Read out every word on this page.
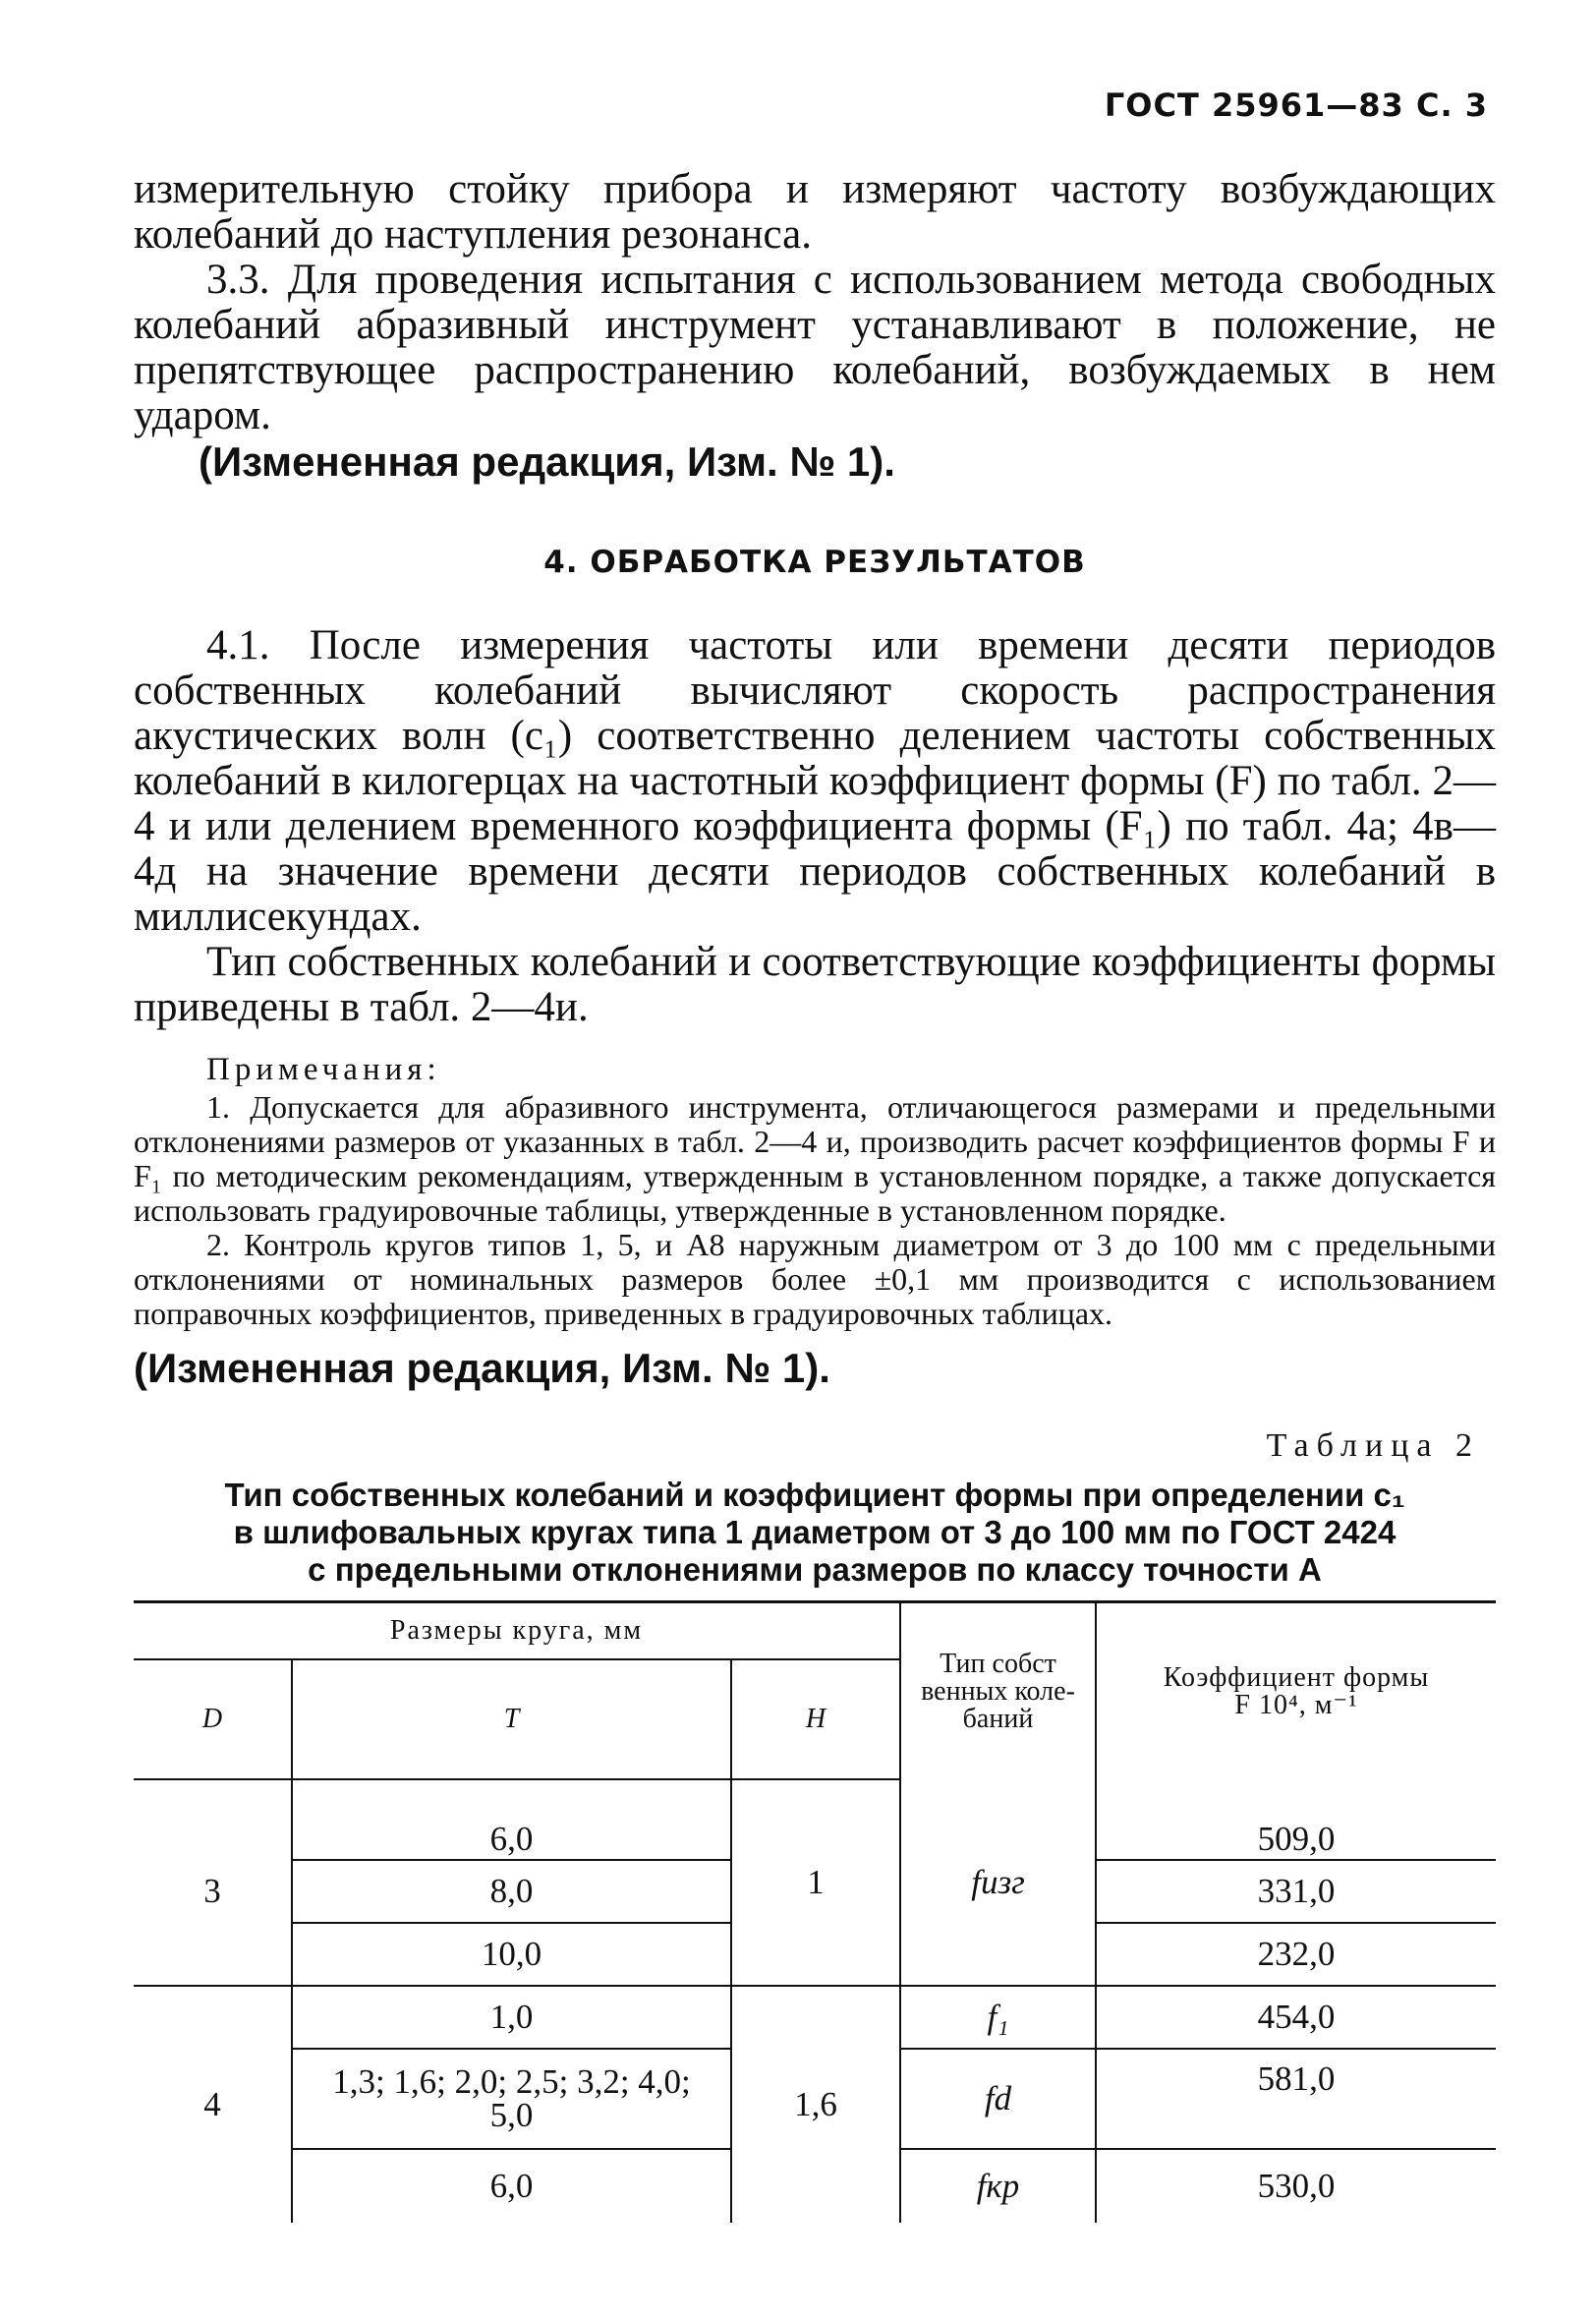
ГОСТ 25961—83 С. 3

измерительную стойку прибора и измеряют частоту возбуждающих колебаний до наступления резонанса.

3.3. Для проведения испытания с использованием метода свободных колебаний абразивный инструмент устанавливают в положение, не препятствующее распространению колебаний, возбуждаемых в нем ударом.

(Измененная редакция, Изм. № 1).

4. ОБРАБОТКА РЕЗУЛЬТАТОВ

4.1. После измерения частоты или времени десяти периодов собственных колебаний вычисляют скорость распространения акустических волн (c₁) соответственно делением частоты собственных колебаний в килогерцах на частотный коэффициент формы (F) по табл. 2—4 и или делением временного коэффициента формы (F₁) по табл. 4а; 4в—4д на значение времени десяти периодов собственных колебаний в миллисекундах.

Тип собственных колебаний и соответствующие коэффициенты формы приведены в табл. 2—4и.

Примечания:

1. Допускается для абразивного инструмента, отличающегося размерами и предельными отклонениями размеров от указанных в табл. 2—4 и, производить расчет коэффициентов формы F и F₁ по методическим рекомендациям, утвержденным в установленном порядке, а также допускается использовать градуировочные таблицы, утвержденные в установленном порядке.

2. Контроль кругов типов 1, 5, и А8 наружным диаметром от 3 до 100 мм с предельными отклонениями от номинальных размеров более ±0,1 мм производится с использованием поправочных коэффициентов, приведенных в градуировочных таблицах.

(Измененная редакция, Изм. № 1).

Таблица 2
Тип собственных колебаний и коэффициент формы при определении c₁
в шлифовальных кругах типа 1 диаметром от 3 до 100 мм по ГОСТ 2424
с предельными отклонениями размеров по классу точности А
Размеры круга, мм			Тип собст венных коле- баний	Коэффициент формы F 10⁴, м⁻¹
D	T	H		
3	6,0	1	fизг	509,0
	8,0			331,0
	10,0			232,0
4	1,0	1,6	f₁	454,0
	1,3; 1,6; 2,0; 2,5; 3,2; 4,0; 5,0		fd	581,0
	6,0		fкр	530,0
